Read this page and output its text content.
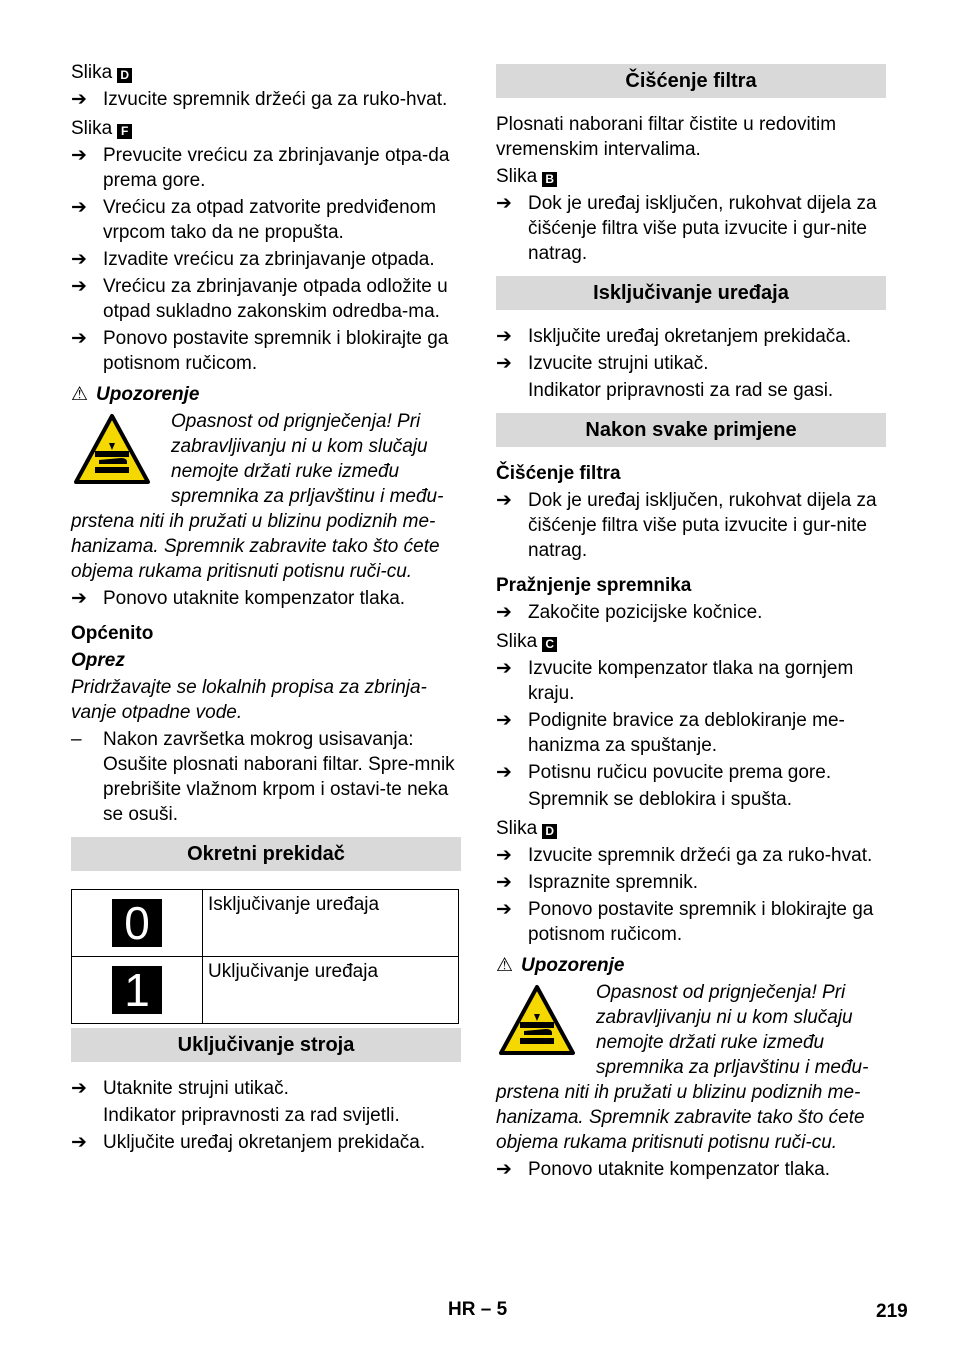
Slika D

➔ Izvucite spremnik držeći ga za ruko-hvat.

Slika F

➔ Prevucite vrećicu za zbrinjavanje otpa-da prema gore.
➔ Vrećicu za otpad zatvorite predviđenom vrpcom tako da ne propušta.
➔ Izvadite vrećicu za zbrinjavanje otpada.
➔ Vrećicu za zbrinjavanje otpada odložite u otpad sukladno zakonskim odredba-ma.
➔ Ponovo postavite spremnik i blokirajte ga potisnom ručicom.
⚠ Upozorenje

Opasnost od prignječenja! Pri zabravljivanju ni u kom slučaju nemojte držati ruke između spremnika za prljavštinu i među-prstena niti ih pružati u blizinu podiznih me-hanizama. Spremnik zabravite tako što ćete objema rukama pritisnuti potisnu ruči-cu.

➔ Ponovo utaknite kompenzator tlaka.
Općenito
Oprez

Pridržavajte se lokalnih propisa za zbrinja-vanje otpadne vode.

– Nakon završetka mokrog usisavanja: Osušite plosnati naborani filtar. Spre-mnik prebrišite vlažnom krpom i ostavi-te neka se osuši.
Okretni prekidač
0	Isključivanje uređaja
1	Uključivanje uređaja
Uključivanje stroja
➔ Utaknite strujni utikač.

Indikator pripravnosti za rad svijetli.

➔ Uključite uređaj okretanjem prekidača.
Čišćenje filtra

Plosnati naborani filtar čistite u redovitim vremenskim intervalima.

Slika B

➔ Dok je uređaj isključen, rukohvat dijela za čišćenje filtra više puta izvucite i gur-nite natrag.
Isključivanje uređaja
➔ Isključite uređaj okretanjem prekidača.
➔ Izvucite strujni utikač.

Indikator pripravnosti za rad se gasi.

Nakon svake primjene
Čišćenje filtra
➔ Dok je uređaj isključen, rukohvat dijela za čišćenje filtra više puta izvucite i gur-nite natrag.
Pražnjenje spremnika
➔ Zakočite pozicijske kočnice.

Slika C

➔ Izvucite kompenzator tlaka na gornjem kraju.
➔ Podignite bravice za deblokiranje me-hanizma za spuštanje.
➔ Potisnu ručicu povucite prema gore.

Spremnik se deblokira i spušta.

Slika D

➔ Izvucite spremnik držeći ga za ruko-hvat.
➔ Ispraznite spremnik.
➔ Ponovo postavite spremnik i blokirajte ga potisnom ručicom.
⚠ Upozorenje

Opasnost od prignječenja! Pri zabravljivanju ni u kom slučaju nemojte držati ruke između spremnika za prljavštinu i među-prstena niti ih pružati u blizinu podiznih me-hanizama. Spremnik zabravite tako što ćete objema rukama pritisnuti potisnu ruči-cu.

➔ Ponovo utaknite kompenzator tlaka.
HR – 5	219
